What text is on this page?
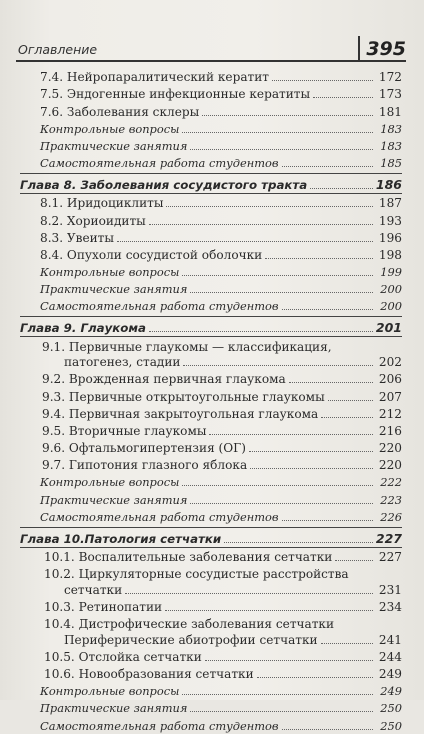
Оглавление	395
7.4. Нейропаралитический кератит	172
7.5. Эндогенные инфекционные кератиты	173
7.6. Заболевания склеры	181
Контрольные вопросы	183
Практические занятия	183
Самостоятельная работа студентов	185
Глава 8. Заболевания сосудистого тракта	186
8.1. Иридоциклиты	187
8.2. Хориоидиты	193
8.3. Увеиты	196
8.4. Опухоли сосудистой оболочки	198
Контрольные вопросы	199
Практические занятия	200
Самостоятельная работа студентов	200
Глава 9. Глаукома	201
9.1. Первичные глаукомы — классификация,
патогенез, стадии	202
9.2. Врожденная первичная глаукома	206
9.3. Первичные открытоугольные глаукомы	207
9.4. Первичная закрытоугольная глаукома	212
9.5. Вторичные глаукомы	216
9.6. Офтальмогипертензия (ОГ)	220
9.7. Гипотония глазного яблока	220
Контрольные вопросы	222
Практические занятия	223
Самостоятельная работа студентов	226
Глава 10.Патология сетчатки	227
10.1. Воспалительные заболевания сетчатки	227
10.2. Циркуляторные сосудистые расстройства
сетчатки	231
10.3. Ретинопатии	234
10.4. Дистрофические заболевания сетчатки
Периферические абиотрофии сетчатки	241
10.5. Отслойка сетчатки	244
10.6. Новообразования сетчатки	249
Контрольные вопросы	249
Практические занятия	250
Самостоятельная работа студентов	250
